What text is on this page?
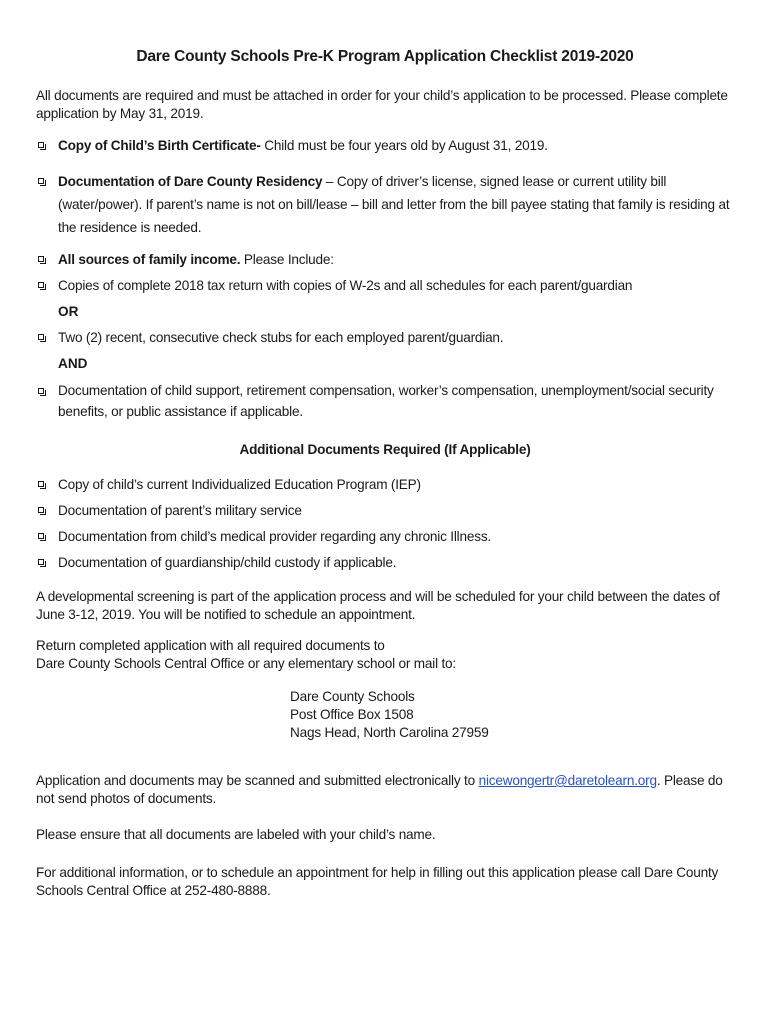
Dare County Schools Pre-K Program Application Checklist 2019-2020
All documents are required and must be attached in order for your child’s application to be processed. Please complete application by May 31, 2019.
Copy of Child’s Birth Certificate- Child must be four years old by August 31, 2019.
Documentation of Dare County Residency – Copy of driver’s license, signed lease or current utility bill (water/power). If parent’s name is not on bill/lease – bill and letter from the bill payee stating that family is residing at the residence is needed.
All sources of family income. Please Include:
Copies of complete 2018 tax return with copies of W-2s and all schedules for each parent/guardian
OR
Two (2) recent, consecutive check stubs for each employed parent/guardian.
AND
Documentation of child support, retirement compensation, worker’s compensation, unemployment/social security benefits, or public assistance if applicable.
Additional Documents Required (If Applicable)
Copy of child’s current Individualized Education Program (IEP)
Documentation of parent’s military service
Documentation from child’s medical provider regarding any chronic Illness.
Documentation of guardianship/child custody if applicable.
A developmental screening is part of the application process and will be scheduled for your child between the dates of June 3-12, 2019. You will be notified to schedule an appointment.
Return completed application with all required documents to
Dare County Schools Central Office or any elementary school or mail to:
Dare County Schools
Post Office Box 1508
Nags Head, North Carolina 27959
Application and documents may be scanned and submitted electronically to nicewongertr@daretolearn.org. Please do not send photos of documents.
Please ensure that all documents are labeled with your child’s name.
For additional information, or to schedule an appointment for help in filling out this application please call Dare County Schools Central Office at 252-480-8888.
